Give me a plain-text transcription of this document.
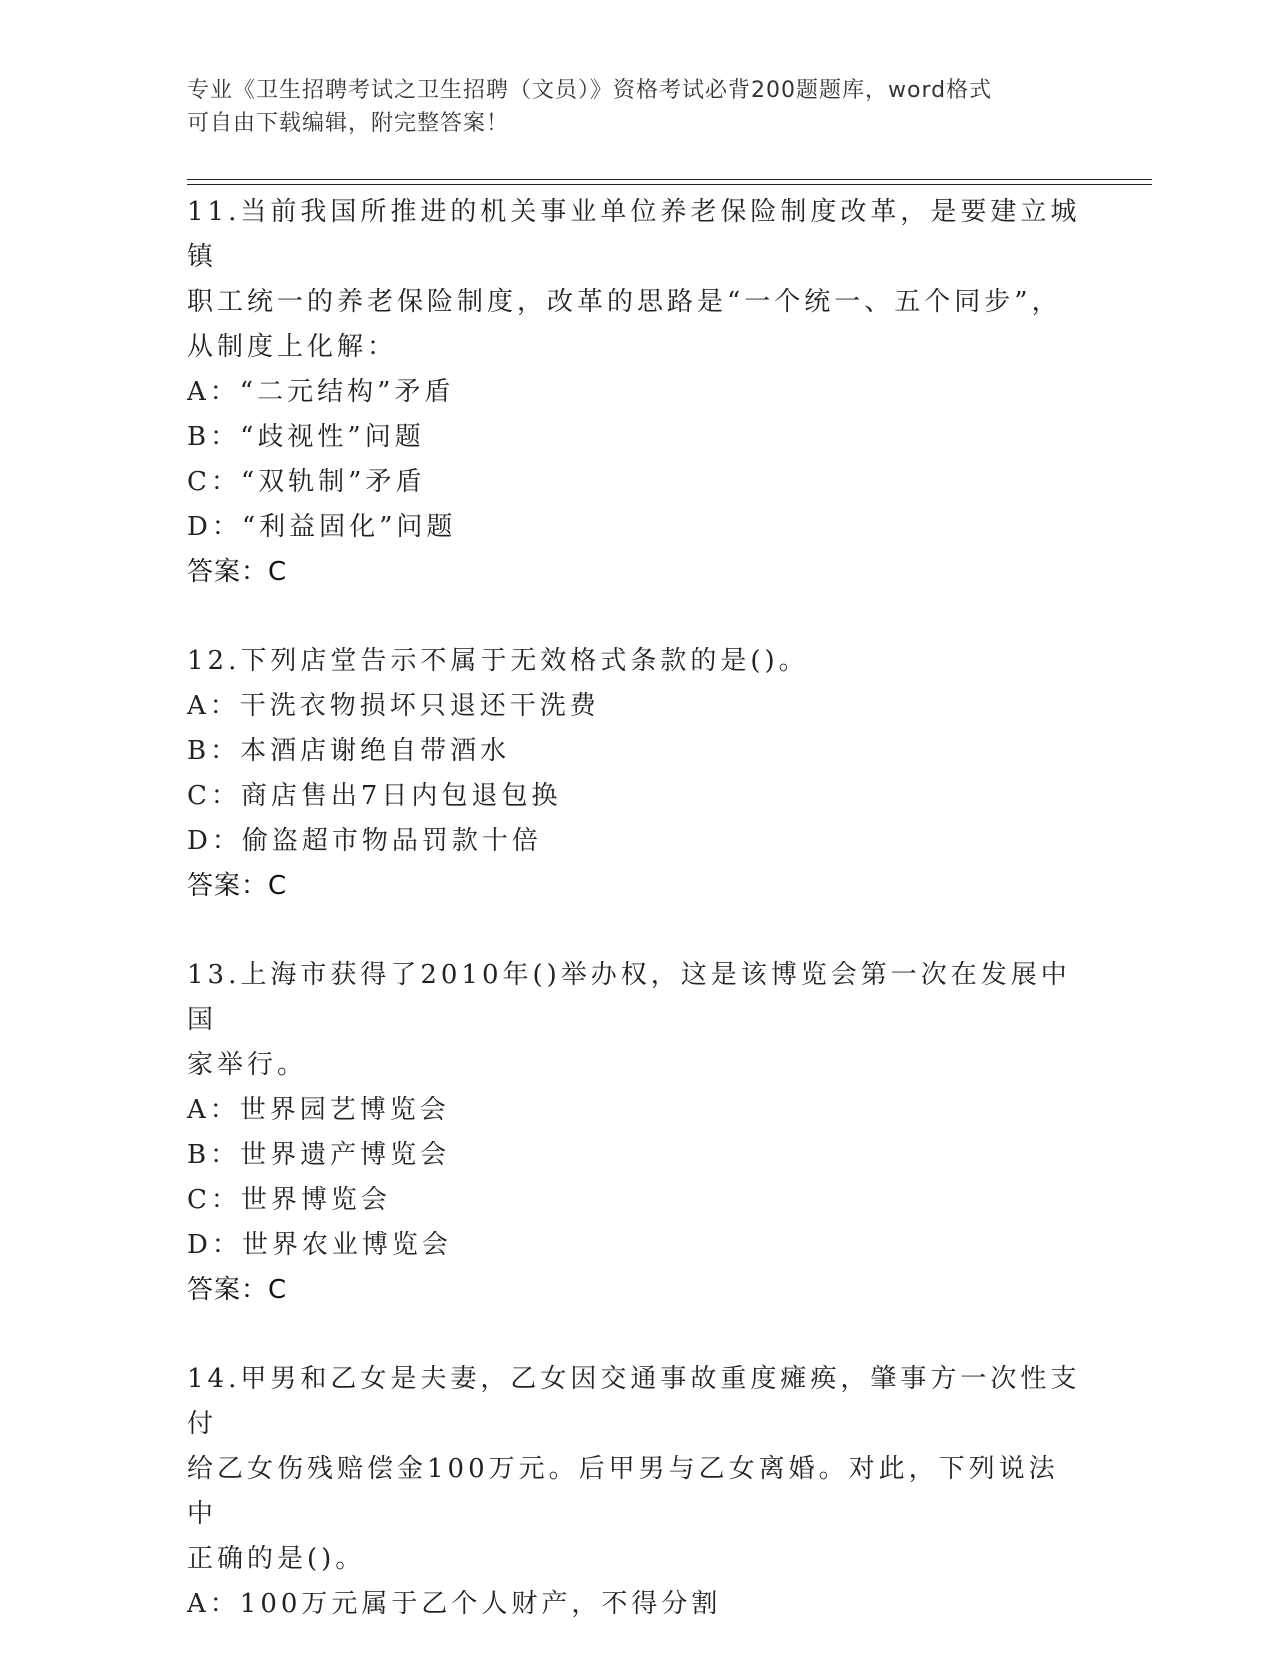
专业《卫生招聘考试之卫生招聘（文员）》资格考试必背200题题库，word格式
可自由下载编辑，附完整答案！

11.当前我国所推进的机关事业单位养老保险制度改革，是要建立城镇

职工统一的养老保险制度，改革的思路是“一个统一、五个同步”，

从制度上化解：

A：“二元结构”矛盾

B：“歧视性”问题

C：“双轨制”矛盾

D：“利益固化”问题

答案：C

12.下列店堂告示不属于无效格式条款的是()。

A：干洗衣物损坏只退还干洗费

B：本酒店谢绝自带酒水

C：商店售出7日内包退包换

D：偷盗超市物品罚款十倍

答案：C

13.上海市获得了2010年()举办权，这是该博览会第一次在发展中国

家举行。

A：世界园艺博览会

B：世界遗产博览会

C：世界博览会

D：世界农业博览会

答案：C

14.甲男和乙女是夫妻，乙女因交通事故重度瘫痪，肇事方一次性支付

给乙女伤残赔偿金100万元。后甲男与乙女离婚。对此，下列说法中

正确的是()。

A：100万元属于乙个人财产，不得分割
